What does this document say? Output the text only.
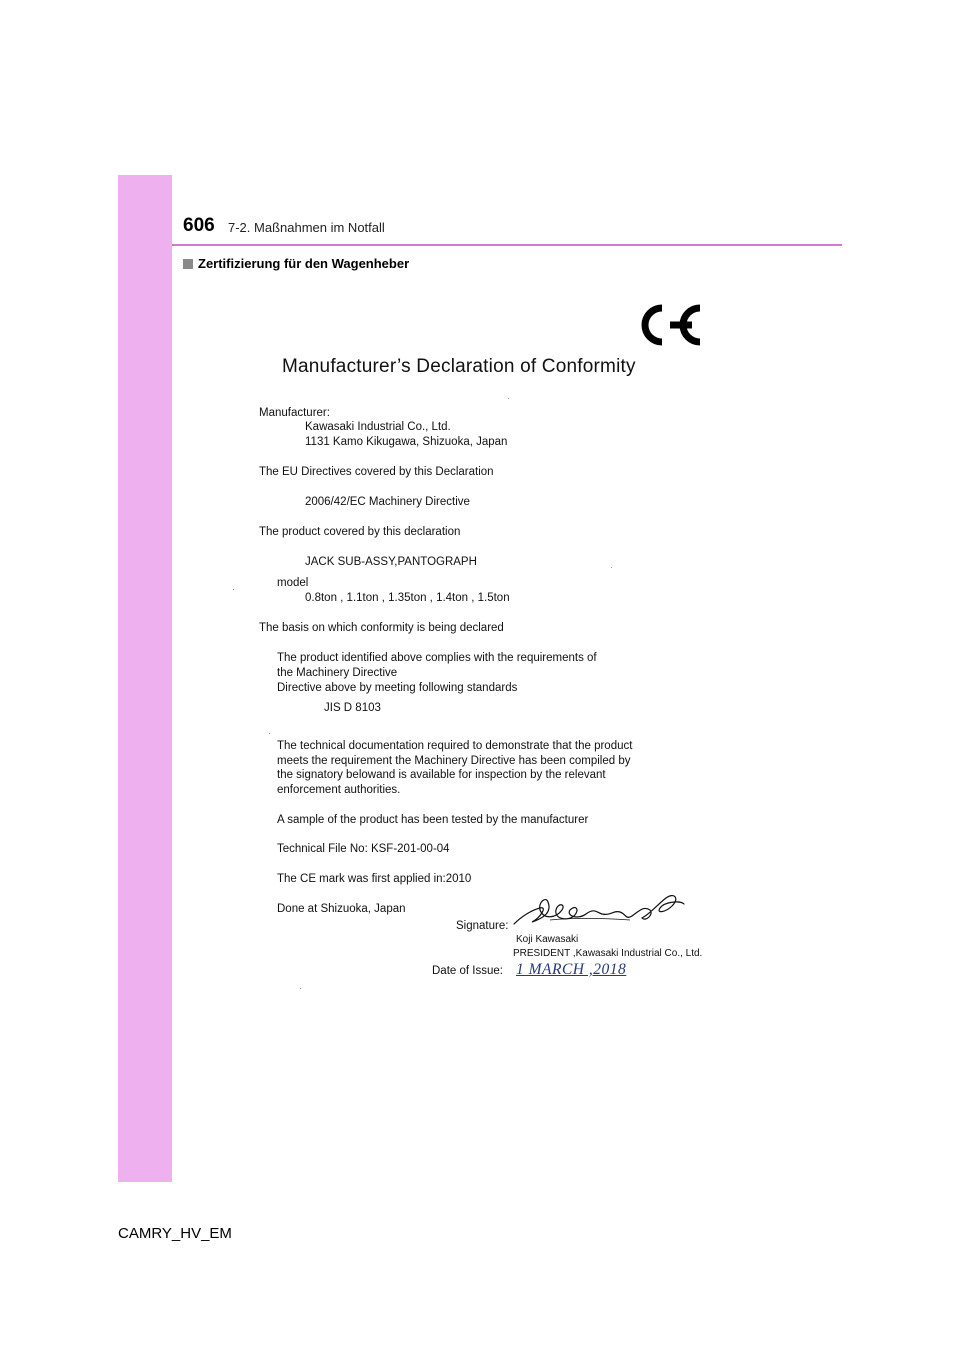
606 7-2. Maßnahmen im Notfall
Zertifizierung für den Wagenheber
Manufacturer’s Declaration of Conformity
Manufacturer:
Kawasaki Industrial Co., Ltd.
1131 Kamo Kikugawa, Shizuoka, Japan
The EU Directives covered by this Declaration
2006/42/EC Machinery Directive
The product covered by this declaration
JACK SUB-ASSY,PANTOGRAPH
model
0.8ton , 1.1ton , 1.35ton , 1.4ton , 1.5ton
The basis on which conformity is being declared
The product identified above complies with the requirements of
the Machinery Directive
Directive above by meeting following standards
JIS D 8103
The technical documentation required to demonstrate that the product
meets the requirement the Machinery Directive has been compiled by
the signatory belowand is available for inspection by the relevant
enforcement authorities.
A sample of the product has been tested by the manufacturer
Technical File No: KSF-201-00-04
The CE mark was first applied in:2010
Done at Shizuoka, Japan
Signature:
Koji Kawasaki
PRESIDENT ,Kawasaki Industrial Co., Ltd.
Date of Issue: 1 MARCH ,2018
CAMRY_HV_EM
